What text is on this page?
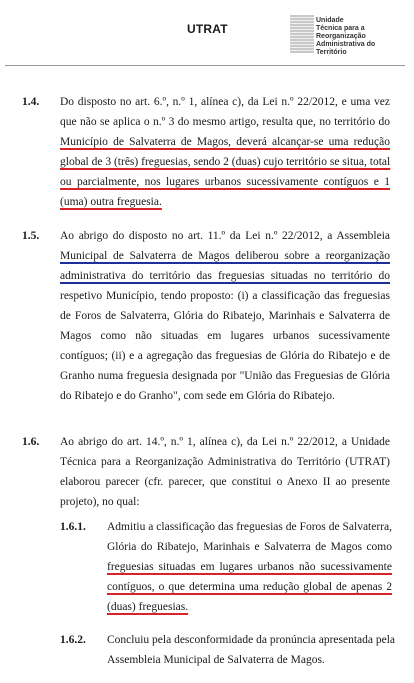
UTRAT
Unidade
Técnica para a
Reorganização
Administrativa do
Território
1.4. Do disposto no art. 6.º, n.º 1, alínea c), da Lei n.º 22/2012, e uma vez
que não se aplica o n.º 3 do mesmo artigo, resulta que, no território do
Município de Salvaterra de Magos, deverá alcançar-se uma redução
global de 3 (três) freguesias, sendo 2 (duas) cujo território se situa, total
ou parcialmente, nos lugares urbanos sucessivamente contíguos e 1
(uma) outra freguesia.
1.5. Ao abrigo do disposto no art. 11.º da Lei n.º 22/2012, a Assembleia
Municipal de Salvaterra de Magos deliberou sobre a reorganização
administrativa do território das freguesias situadas no território do
respetivo Município, tendo proposto: (i) a classificação das freguesias
de Foros de Salvaterra, Glória do Ribatejo, Marinhais e Salvaterra de
Magos como não situadas em lugares urbanos sucessivamente
contíguos; (ii) e a agregação das freguesias de Glória do Ribatejo e de
Granho numa freguesia designada por "União das Freguesias de Glória
do Ribatejo e do Granho", com sede em Glória do Ribatejo.
1.6. Ao abrigo do art. 14.º, n.º 1, alínea c), da Lei n.º 22/2012, a Unidade
Técnica para a Reorganização Administrativa do Território (UTRAT)
elaborou parecer (cfr. parecer, que constitui o Anexo II ao presente
projeto), no qual:
1.6.1. Admitiu a classificação das freguesias de Foros de Salvaterra,
Glória do Ribatejo, Marinhais e Salvaterra de Magos como
freguesias situadas em lugares urbanos não sucessivamente
contíguos, o que determina uma redução global de apenas 2
(duas) freguesias.
1.6.2. Concluiu pela desconformidade da pronúncia apresentada pela
Assembleia Municipal de Salvaterra de Magos.
